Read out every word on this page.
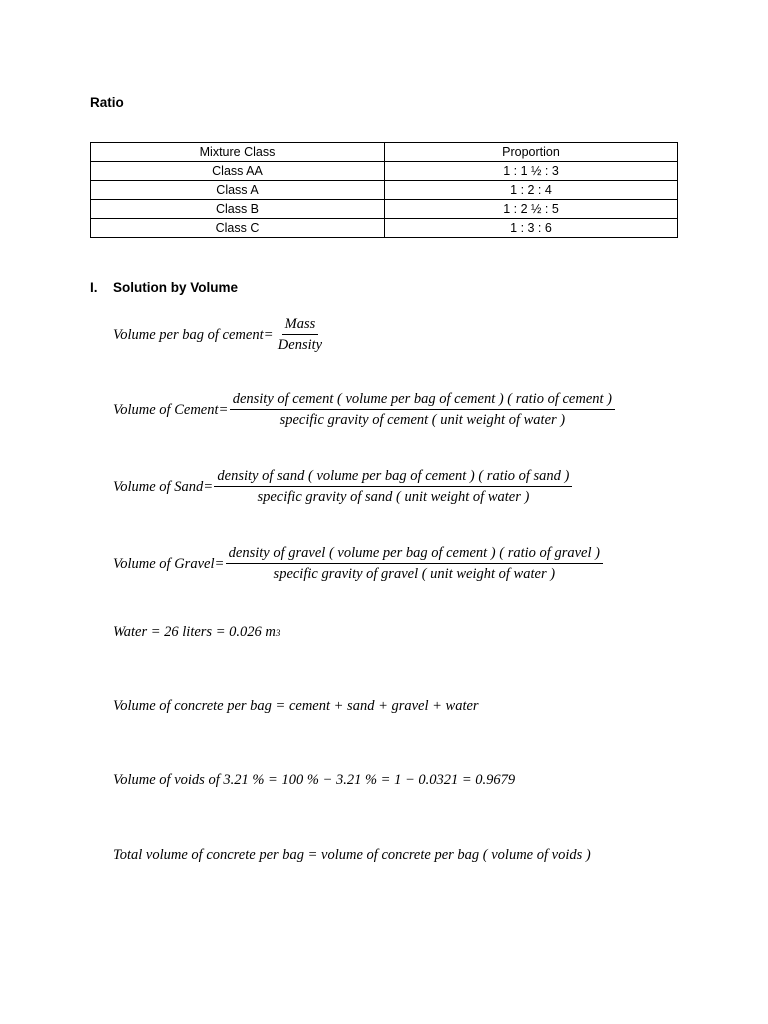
Ratio
Mixture Class	Proportion
Class AA	1 : 1 ½ : 3
Class A	1 : 2 : 4
Class B	1 : 2 ½ : 5
Class C	1 : 3 : 6
I. Solution by Volume
Volume per bag of cement = $\frac{\text{Mass}}{\text{Density}}$
Volume of Cement =
density of cement ( volume per bag of cement ) ( ratio of cement )
specific gravity of cement ( unit weight of water )
Volume of Sand =
density of sand ( volume per bag of cement ) ( ratio of sand )
specific gravity of sand ( unit weight of water )
Volume of Gravel =
density of gravel ( volume per bag of cement ) ( ratio of gravel )
specific gravity of gravel ( unit weight of water )
Water = 26 liters = 0.026 m 3
Volume of concrete per bag = cement + sand + gravel + water
Volume of voids of 3.21 % = 100 % − 3.21 % = 1 − 0.0321 = 0.9679
Total volume of concrete per bag = volume of concrete per bag ( volume of voids )
